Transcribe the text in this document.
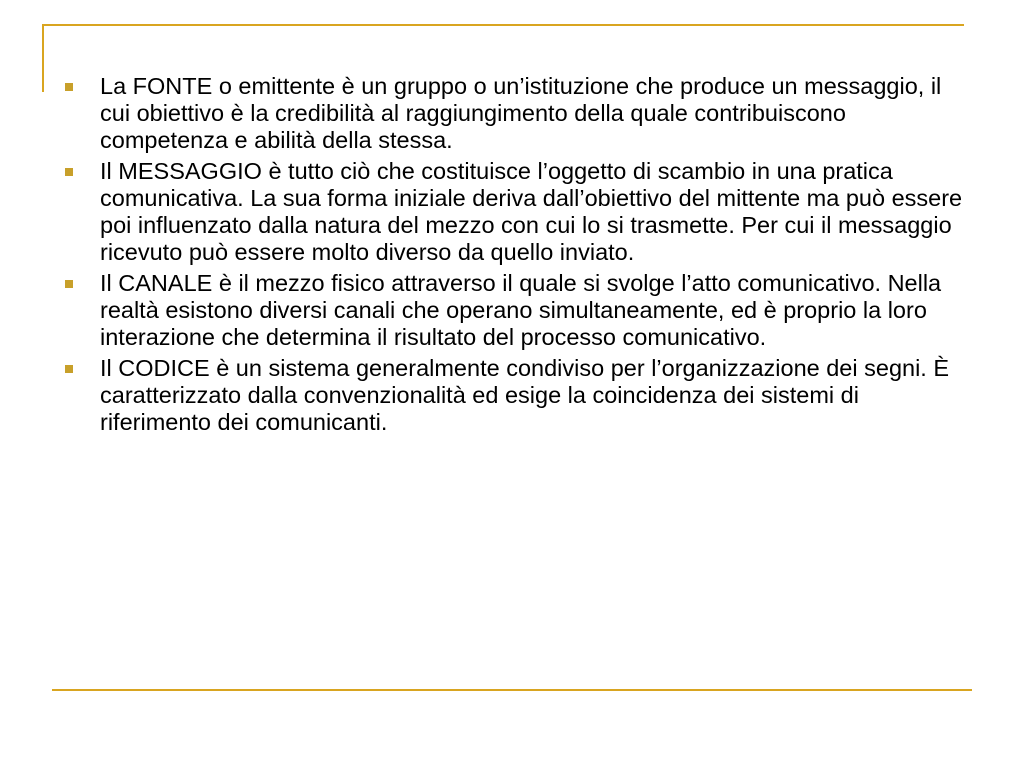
La FONTE o emittente è un gruppo o un’istituzione che produce un messaggio, il cui obiettivo è la credibilità al raggiungimento della quale contribuiscono competenza e abilità della stessa.
Il MESSAGGIO è tutto ciò che costituisce l’oggetto di scambio in una pratica comunicativa. La sua forma iniziale deriva dall’obiettivo del mittente ma può essere poi influenzato dalla natura del mezzo con cui lo si trasmette. Per cui il messaggio ricevuto può essere molto diverso da quello inviato.
Il CANALE è il mezzo fisico attraverso il quale si svolge l’atto comunicativo. Nella realtà esistono diversi canali che operano simultaneamente, ed è proprio la loro interazione che determina il risultato del processo comunicativo.
Il CODICE è un sistema generalmente condiviso per l’organizzazione dei segni. È caratterizzato dalla convenzionalità ed esige la coincidenza dei sistemi di riferimento dei comunicanti.
